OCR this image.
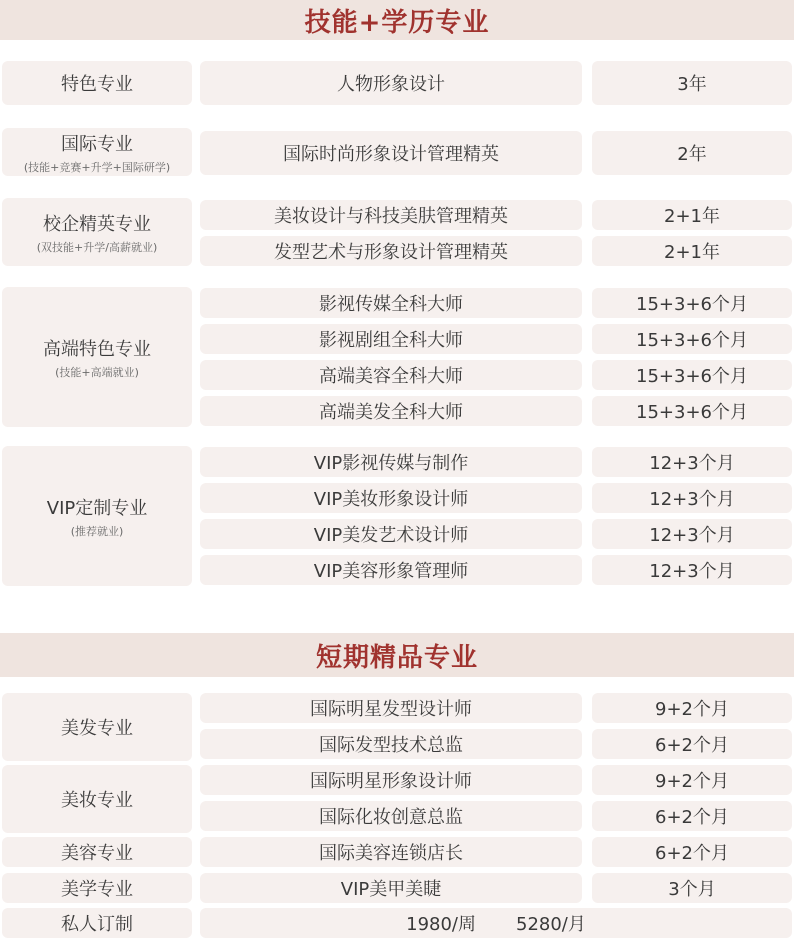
技能+学历专业
特色专业	人物形象设计	3年
国际专业
(技能+竞赛+升学+国际研学)
国际时尚形象设计管理精英	2年
校企精英专业
(双技能+升学/高薪就业)
美妆设计与科技美肤管理精英	2+1年
发型艺术与形象设计管理精英	2+1年
高端特色专业
(技能+高端就业)
影视传媒全科大师	15+3+6个月
影视剧组全科大师	15+3+6个月
高端美容全科大师	15+3+6个月
高端美发全科大师	15+3+6个月
VIP定制专业
(推荐就业)
VIP影视传媒与制作	12+3个月
VIP美妆形象设计师	12+3个月
VIP美发艺术设计师	12+3个月
VIP美容形象管理师	12+3个月
短期精品专业
美发专业
国际明星发型设计师	9+2个月
国际发型技术总监	6+2个月
美妆专业
国际明星形象设计师	9+2个月
国际化妆创意总监	6+2个月
美容专业	国际美容连锁店长	6+2个月
美学专业	VIP美甲美睫	3个月
私人订制	1980/周 5280/月
